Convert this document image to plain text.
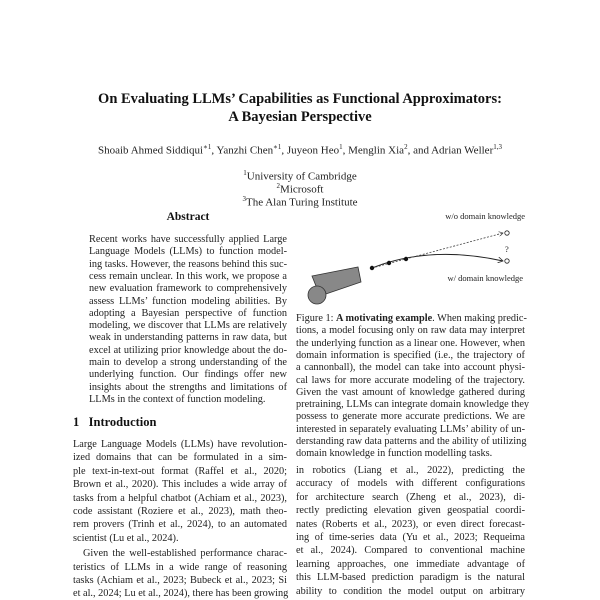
On Evaluating LLMs’ Capabilities as Functional Approximators:
A Bayesian Perspective
Shoaib Ahmed Siddiqui$^{∗1}$, Yanzhi Chen$^{∗1}$, Juyeon Heo$^1$, Menglin Xia$^2$, and Adrian Weller$^{1,3}$
$^1$University of Cambridge
$^2$Microsoft
$^3$The Alan Turing Institute
Abstract
Recent works have successfully applied Large
Language Models (LLMs) to function model-
ing tasks. However, the reasons behind this suc-
cess remain unclear. In this work, we propose a
new evaluation framework to comprehensively
assess LLMs’ function modeling abilities. By
adopting a Bayesian perspective of function
modeling, we discover that LLMs are relatively
weak in understanding patterns in raw data, but
excel at utilizing prior knowledge about the do-
main to develop a strong understanding of the
underlying function. Our findings offer new
insights about the strengths and limitations of
LLMs in the context of function modeling.
1 Introduction
Large Language Models (LLMs) have revolution-
ized domains that can be formulated in a sim-
ple text-in-text-out format (Raffel et al., 2020;
Brown et al., 2020). This includes a wide array of
tasks from a helpful chatbot (Achiam et al., 2023),
code assistant (Roziere et al., 2023), math theo-
rem provers (Trinh et al., 2024), to an automated
scientist (Lu et al., 2024).
Given the well-established performance charac-
teristics of LLMs in a wide range of reasoning
tasks (Achiam et al., 2023; Bubeck et al., 2023; Si
et al., 2024; Lu et al., 2024), there has been growing
w/o domain knowledge
?
w/ domain knowledge
Figure 1: A motivating example. When making predic-
tions, a model focusing only on raw data may interpret
the underlying function as a linear one. However, when
domain information is specified (i.e., the trajectory of
a cannonball), the model can take into account physi-
cal laws for more accurate modeling of the trajectory.
Given the vast amount of knowledge gathered during
pretraining, LLMs can integrate domain knowledge they
possess to generate more accurate predictions. We are
interested in separately evaluating LLMs’ ability of un-
derstanding raw data patterns and the ability of utilizing
domain knowledge in function modelling tasks.
in robotics (Liang et al., 2022), predicting the
accuracy of models with different configurations
for architecture search (Zheng et al., 2023), di-
rectly predicting elevation given geospatial coordi-
nates (Roberts et al., 2023), or even direct forecast-
ing of time-series data (Yu et al., 2023; Requeima
et al., 2024). Compared to conventional machine
learning approaches, one immediate advantage of
this LLM-based prediction paradigm is the natural
ability to condition the model output on arbitrary
